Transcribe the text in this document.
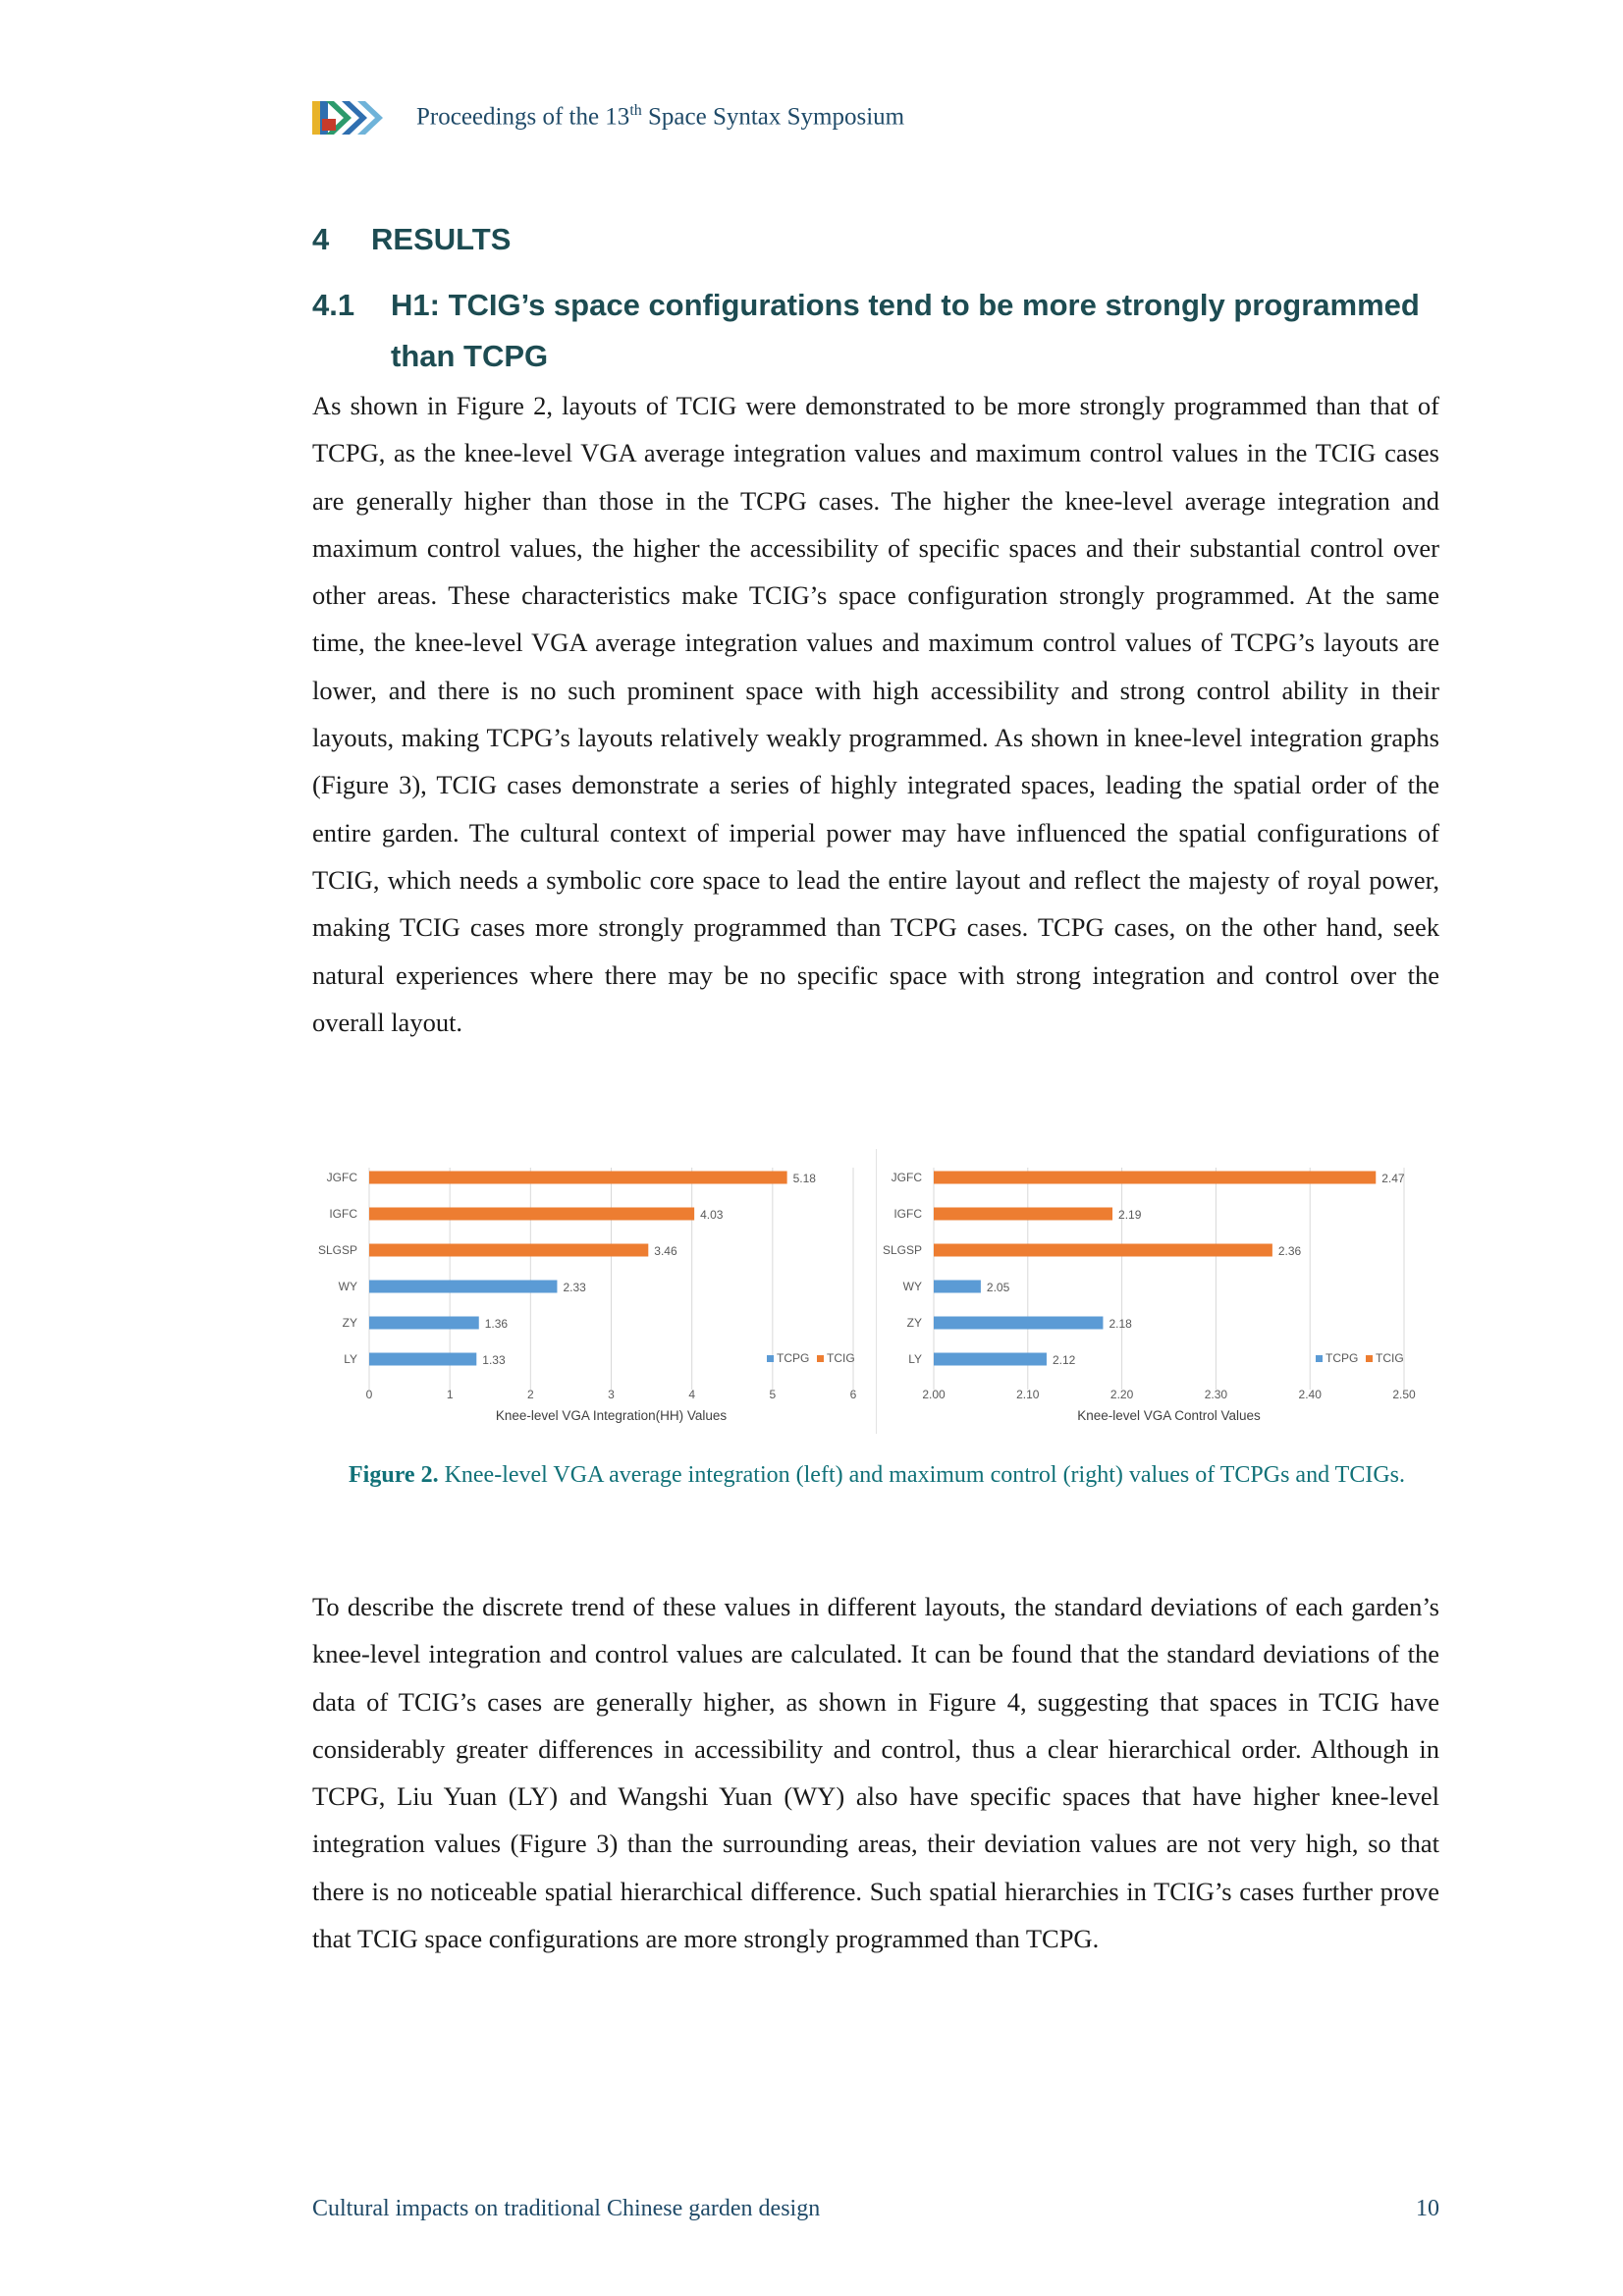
Proceedings of the 13th Space Syntax Symposium
4 RESULTS
4.1 H1: TCIG’s space configurations tend to be more strongly programmed than TCPG
As shown in Figure 2, layouts of TCIG were demonstrated to be more strongly programmed than that of TCPG, as the knee-level VGA average integration values and maximum control values in the TCIG cases are generally higher than those in the TCPG cases. The higher the knee-level average integration and maximum control values, the higher the accessibility of specific spaces and their substantial control over other areas. These characteristics make TCIG’s space configuration strongly programmed. At the same time, the knee-level VGA average integration values and maximum control values of TCPG’s layouts are lower, and there is no such prominent space with high accessibility and strong control ability in their layouts, making TCPG’s layouts relatively weakly programmed. As shown in knee-level integration graphs (Figure 3), TCIG cases demonstrate a series of highly integrated spaces, leading the spatial order of the entire garden. The cultural context of imperial power may have influenced the spatial configurations of TCIG, which needs a symbolic core space to lead the entire layout and reflect the majesty of royal power, making TCIG cases more strongly programmed than TCPG cases. TCPG cases, on the other hand, seek natural experiences where there may be no specific space with strong integration and control over the overall layout.
0	1	2	3	4	5	6
JGFC	5.18
IGFC	4.03
SLGSP	3.46
WY	2.33
ZY	1.36
LY	1.33	TCPG TCIG
Knee-level VGA Integration(HH) Values
2.00	2.10	2.20	2.30	2.40	2.50
JGFC	2.47
IGFC	2.19
SLGSP	2.36
WY	2.05
ZY	2.18
LY	2.12	TCPG TCIG
Knee-level VGA Control Values
Figure 2. Knee-level VGA average integration (left) and maximum control (right) values of TCPGs and TCIGs.
To describe the discrete trend of these values in different layouts, the standard deviations of each garden’s knee-level integration and control values are calculated. It can be found that the standard deviations of the data of TCIG’s cases are generally higher, as shown in Figure 4, suggesting that spaces in TCIG have considerably greater differences in accessibility and control, thus a clear hierarchical order. Although in TCPG, Liu Yuan (LY) and Wangshi Yuan (WY) also have specific spaces that have higher knee-level integration values (Figure 3) than the surrounding areas, their deviation values are not very high, so that there is no noticeable spatial hierarchical difference. Such spatial hierarchies in TCIG’s cases further prove that TCIG space configurations are more strongly programmed than TCPG.
Cultural impacts on traditional Chinese garden design	10
